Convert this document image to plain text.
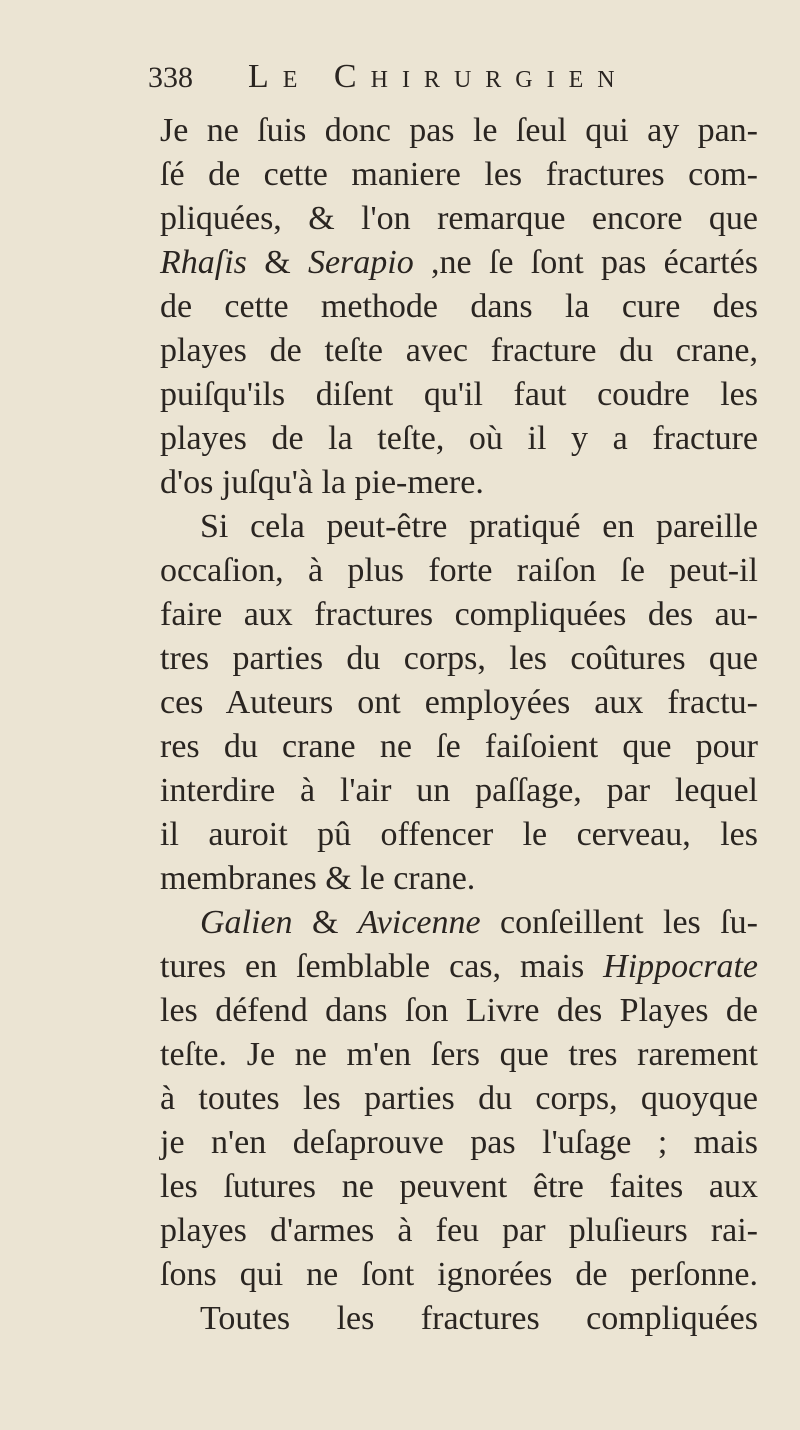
338	Le Chirurgien
Je ne ſuis donc pas le ſeul qui ay pan-
ſé de cette maniere les fractures com-
pliquées, & l'on remarque encore que
Rhaſis & Serapio ,ne ſe ſont pas écartés
de cette methode dans la cure des
playes de teſte avec fracture du crane,
puiſqu'ils diſent qu'il faut coudre les
playes de la teſte, où il y a fracture
d'os juſqu'à la pie-mere.
Si cela peut-être pratiqué en pareille
occaſion, à plus forte raiſon ſe peut-il
faire aux fractures compliquées des au-
tres parties du corps, les coûtures que
ces Auteurs ont employées aux fractu-
res du crane ne ſe faiſoient que pour
interdire à l'air un paſſage, par lequel
il auroit pû offencer le cerveau, les
membranes & le crane.
Galien & Avicenne conſeillent les ſu-
tures en ſemblable cas, mais Hippocrate
les défend dans ſon Livre des Playes de
teſte. Je ne m'en ſers que tres rarement
à toutes les parties du corps, quoyque
je n'en deſaprouve pas l'uſage ; mais
les ſutures ne peuvent être faites aux
playes d'armes à feu par pluſieurs rai-
ſons qui ne ſont ignorées de perſonne.
Toutes les fractures compliquées
